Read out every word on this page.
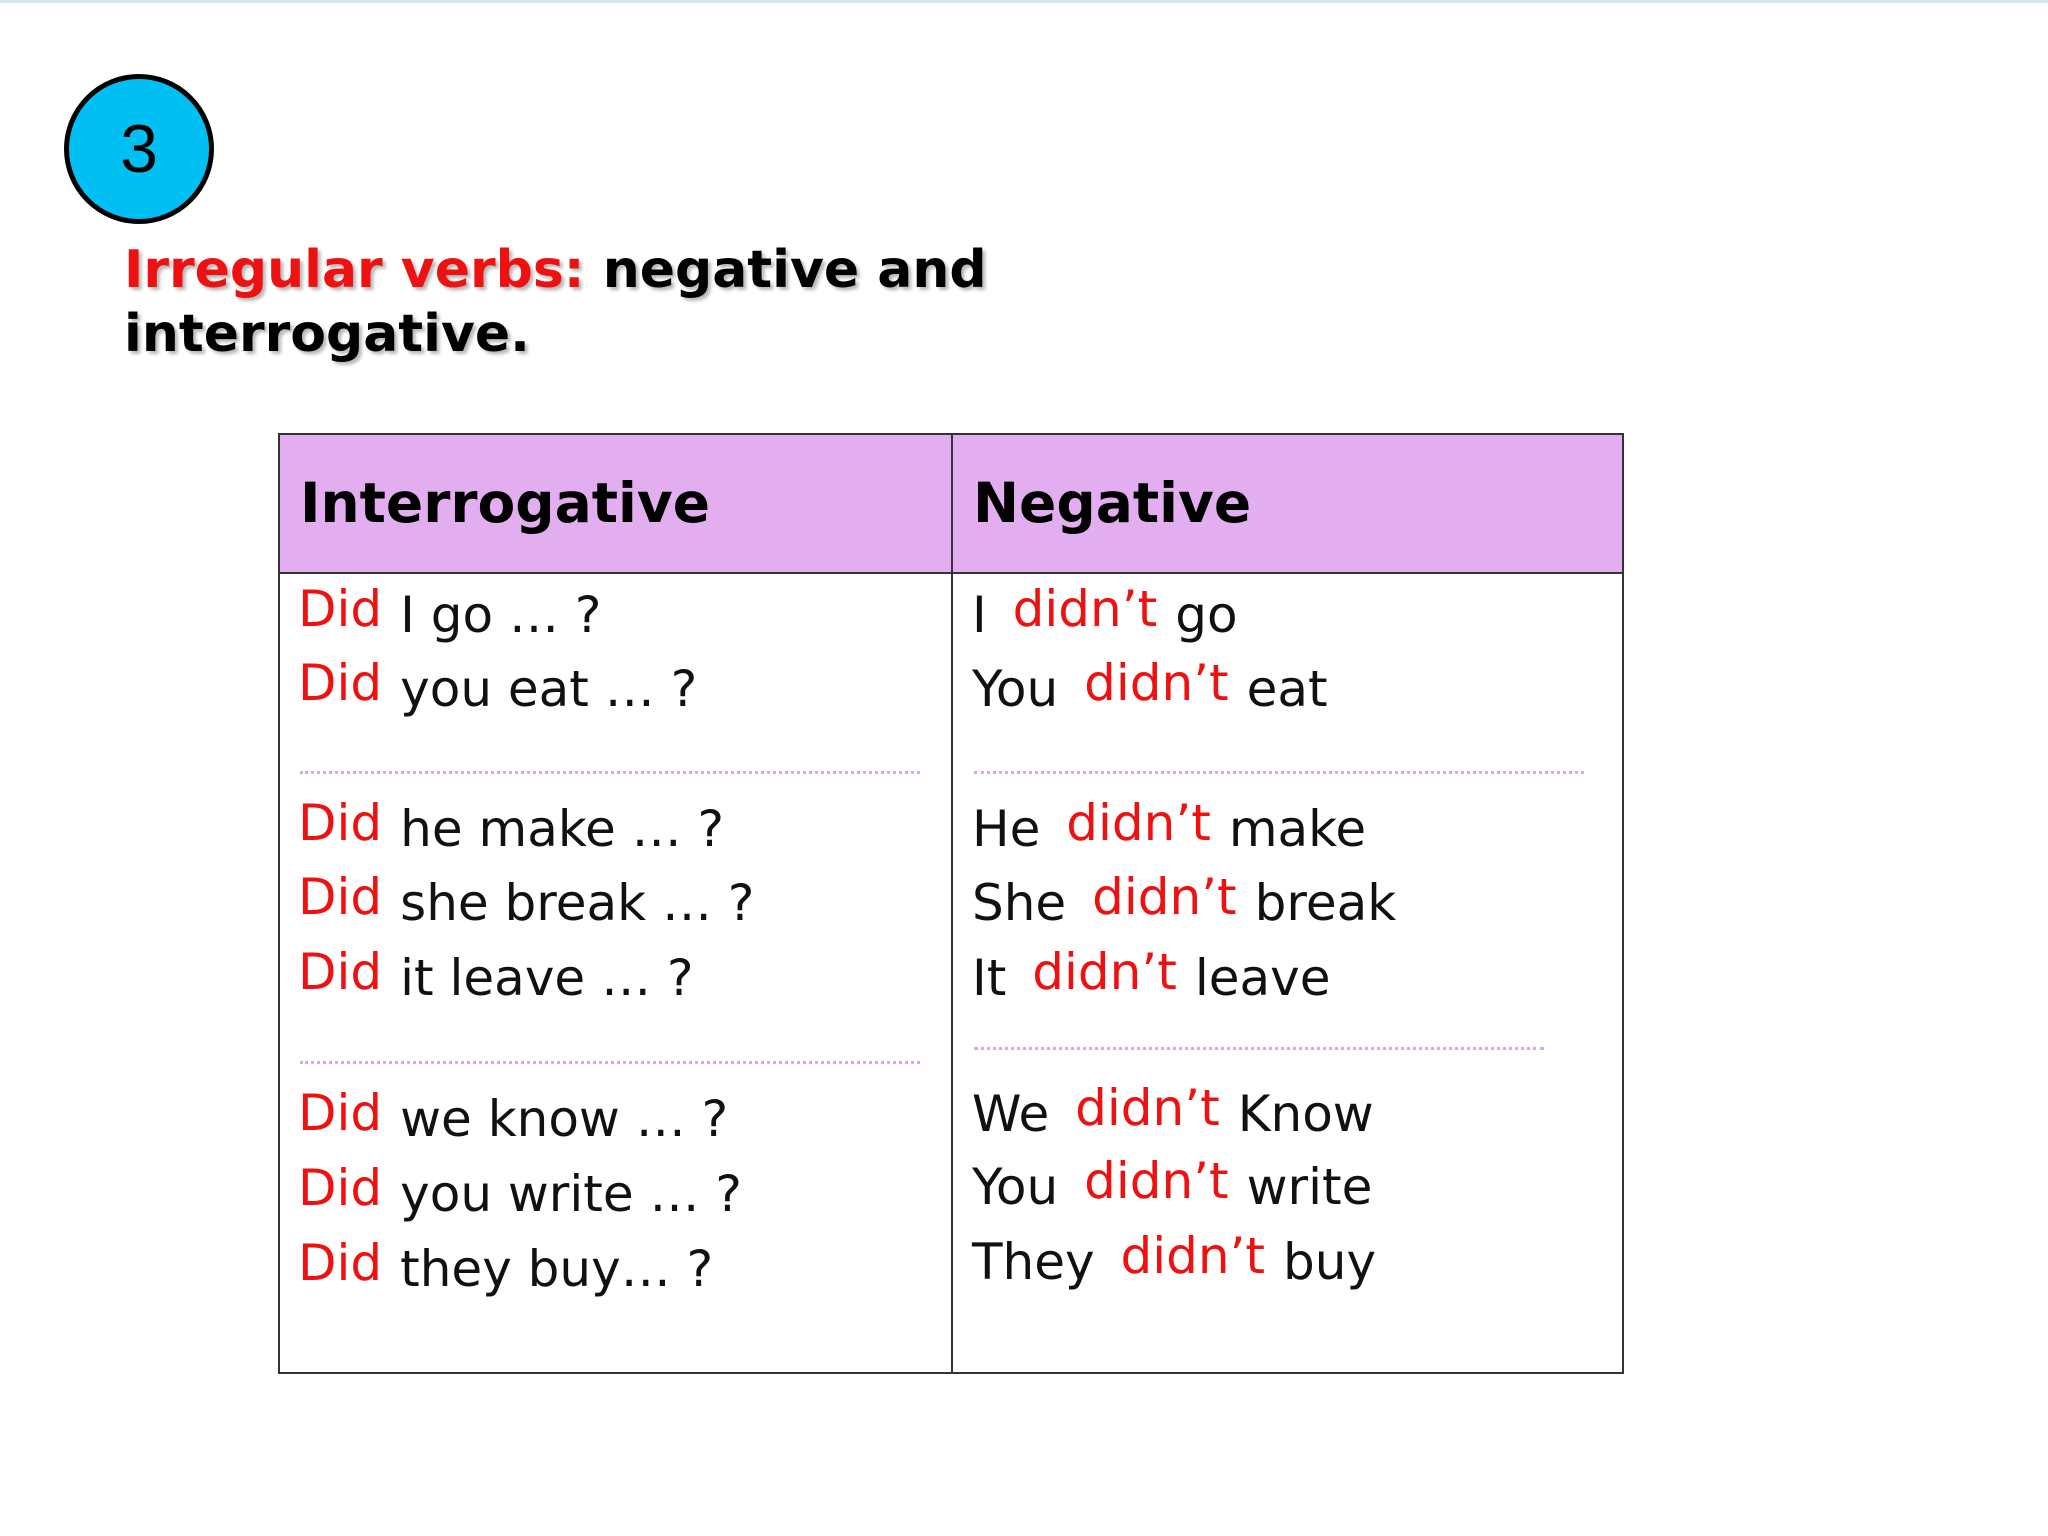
3
Irregular verbs: negative and interrogative.
Interrogative	Negative
Did I go … ?
Did you eat … ?
Did he make … ?
Did she break … ?
Did it leave … ?
Did we know … ?
Did you write … ?
Did they buy… ?
I didn’t go
You didn’t eat
He didn’t make
She didn’t break
It didn’t leave
We didn’t Know
You didn’t write
They didn’t buy
